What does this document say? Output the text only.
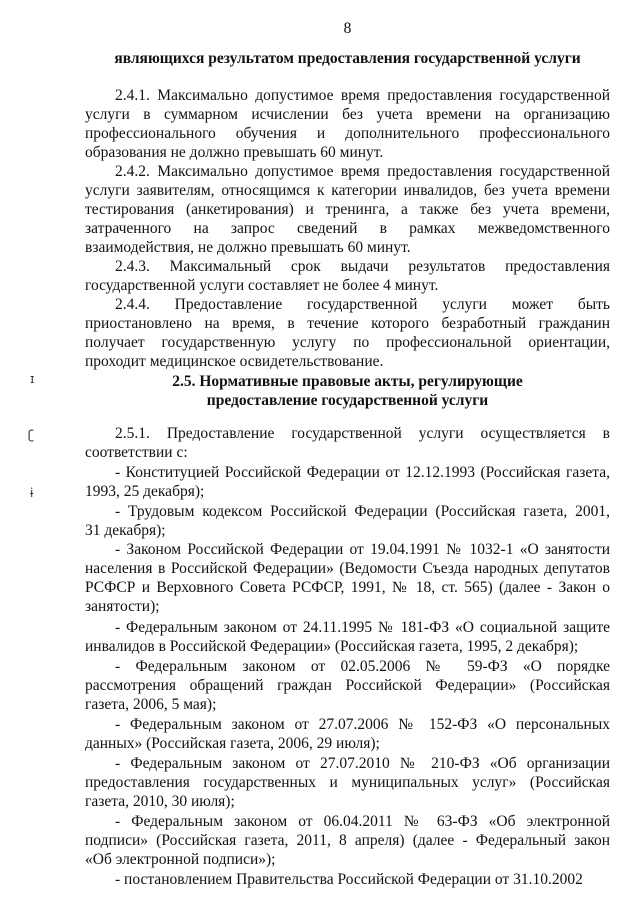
8
являющихся результатом предоставления государственной услуги
2.4.1. Максимально допустимое время предоставления государственной
услуги в суммарном исчислении без учета времени на организацию
профессионального обучения и дополнительного профессионального
образования не должно превышать 60 минут.
2.4.2. Максимально допустимое время предоставления государственной
услуги заявителям, относящимся к категории инвалидов, без учета времени
тестирования (анкетирования) и тренинга, а также без учета времени,
затраченного на запрос сведений в рамках межведомственного
взаимодействия, не должно превышать 60 минут.
2.4.3. Максимальный срок выдачи результатов предоставления
государственной услуги составляет не более 4 минут.
2.4.4. Предоставление государственной услуги может быть
приостановлено на время, в течение которого безработный гражданин
получает государственную услугу по профессиональной ориентации,
проходит медицинское освидетельствование.
2.5. Нормативные правовые акты, регулирующие
предоставление государственной услуги
2.5.1. Предоставление государственной услуги осуществляется в
соответствии с:
- Конституцией Российской Федерации от 12.12.1993 (Российская газета,
1993, 25 декабря);
- Трудовым кодексом Российской Федерации (Российская газета, 2001,
31 декабря);
- Законом Российской Федерации от 19.04.1991 № 1032-1 «О занятости
населения в Российской Федерации» (Ведомости Съезда народных депутатов
РСФСР и Верховного Совета РСФСР, 1991, № 18, ст. 565) (далее - Закон о
занятости);
- Федеральным законом от 24.11.1995 № 181-ФЗ «О социальной защите
инвалидов в Российской Федерации» (Российская газета, 1995, 2 декабря);
- Федеральным законом от 02.05.2006 № 59-ФЗ «О порядке
рассмотрения обращений граждан Российской Федерации» (Российская
газета, 2006, 5 мая);
- Федеральным законом от 27.07.2006 № 152-ФЗ «О персональных
данных» (Российская газета, 2006, 29 июля);
- Федеральным законом от 27.07.2010 № 210-ФЗ «Об организации
предоставления государственных и муниципальных услуг» (Российская
газета, 2010, 30 июля);
- Федеральным законом от 06.04.2011 № 63-ФЗ «Об электронной
подписи» (Российская газета, 2011, 8 апреля) (далее - Федеральный закон
«Об электронной подписи»);
- постановлением Правительства Российской Федерации от 31.10.2002
ɪ
ʗ
ɨ
